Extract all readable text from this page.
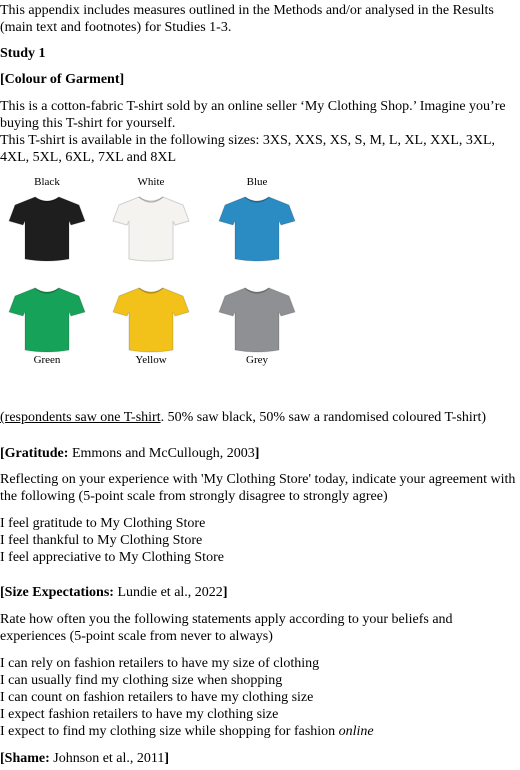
This appendix includes measures outlined in the Methods and/or analysed in the Results (main text and footnotes) for Studies 1-3.

Study 1

[Colour of Garment]

This is a cotton-fabric T-shirt sold by an online seller ‘My Clothing Shop.’ Imagine you’re buying this T-shirt for yourself.

This T-shirt is available in the following sizes: 3XS, XXS, XS, S, M, L, XL, XXL, 3XL, 4XL, 5XL, 6XL, 7XL and 8XL

Black	White	Blue
Green	Yellow	Grey

(respondents saw one T-shirt. 50% saw black, 50% saw a randomised coloured T-shirt)

[Gratitude: Emmons and McCullough, 2003]

Reflecting on your experience with 'My Clothing Store' today, indicate your agreement with the following (5-point scale from strongly disagree to strongly agree)

I feel gratitude to My Clothing Store

I feel thankful to My Clothing Store

I feel appreciative to My Clothing Store

[Size Expectations: Lundie et al., 2022]

Rate how often you the following statements apply according to your beliefs and experiences (5-point scale from never to always)

I can rely on fashion retailers to have my size of clothing

I can usually find my clothing size when shopping

I can count on fashion retailers to have my clothing size

I expect fashion retailers to have my clothing size

I expect to find my clothing size while shopping for fashion online

[Shame: Johnson et al., 2011]
